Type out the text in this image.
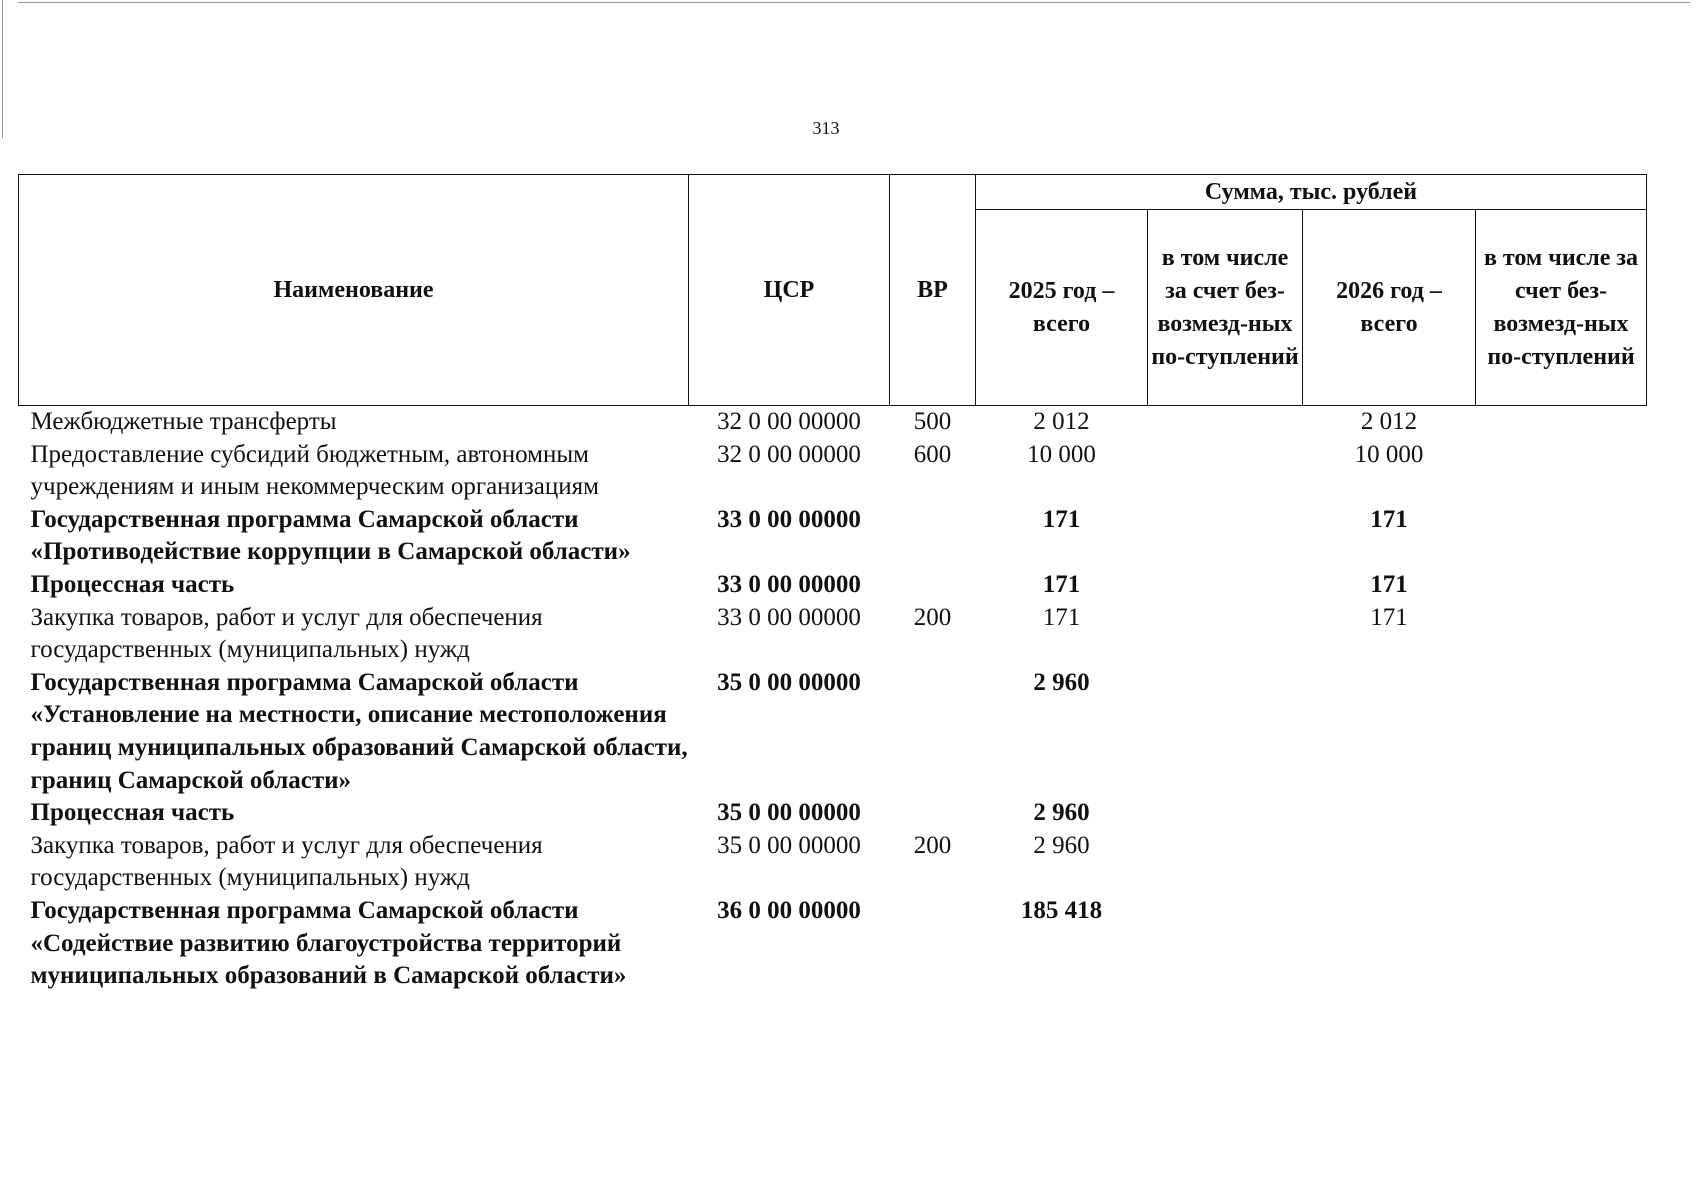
313
Наименование	ЦСР	ВР	Сумма, тыс. рублей			
			2025 год – всего	в том числе за счет без-возмезд-ных по-ступлений	2026 год – всего	в том числе за счет без-возмезд-ных по-ступлений
Межбюджетные трансферты	32 0 00 00000	500	2 012		2 012	
Предоставление субсидий бюджетным, автономным учреждениям и иным некоммерческим организациям	32 0 00 00000	600	10 000		10 000	
Государственная программа Самарской области «Противодействие коррупции в Самарской области»	33 0 00 00000		171		171	
Процессная часть	33 0 00 00000		171		171	
Закупка товаров, работ и услуг для обеспечения государственных (муниципальных) нужд	33 0 00 00000	200	171		171	
Государственная программа Самарской области «Установление на местности, описание местоположения границ муниципальных образований Самарской области, границ Самарской области»	35 0 00 00000		2 960			
Процессная часть	35 0 00 00000		2 960			
Закупка товаров, работ и услуг для обеспечения государственных (муниципальных) нужд	35 0 00 00000	200	2 960			
Государственная программа Самарской области «Содействие развитию благоустройства территорий муниципальных образований в Самарской области»	36 0 00 00000		185 418			
